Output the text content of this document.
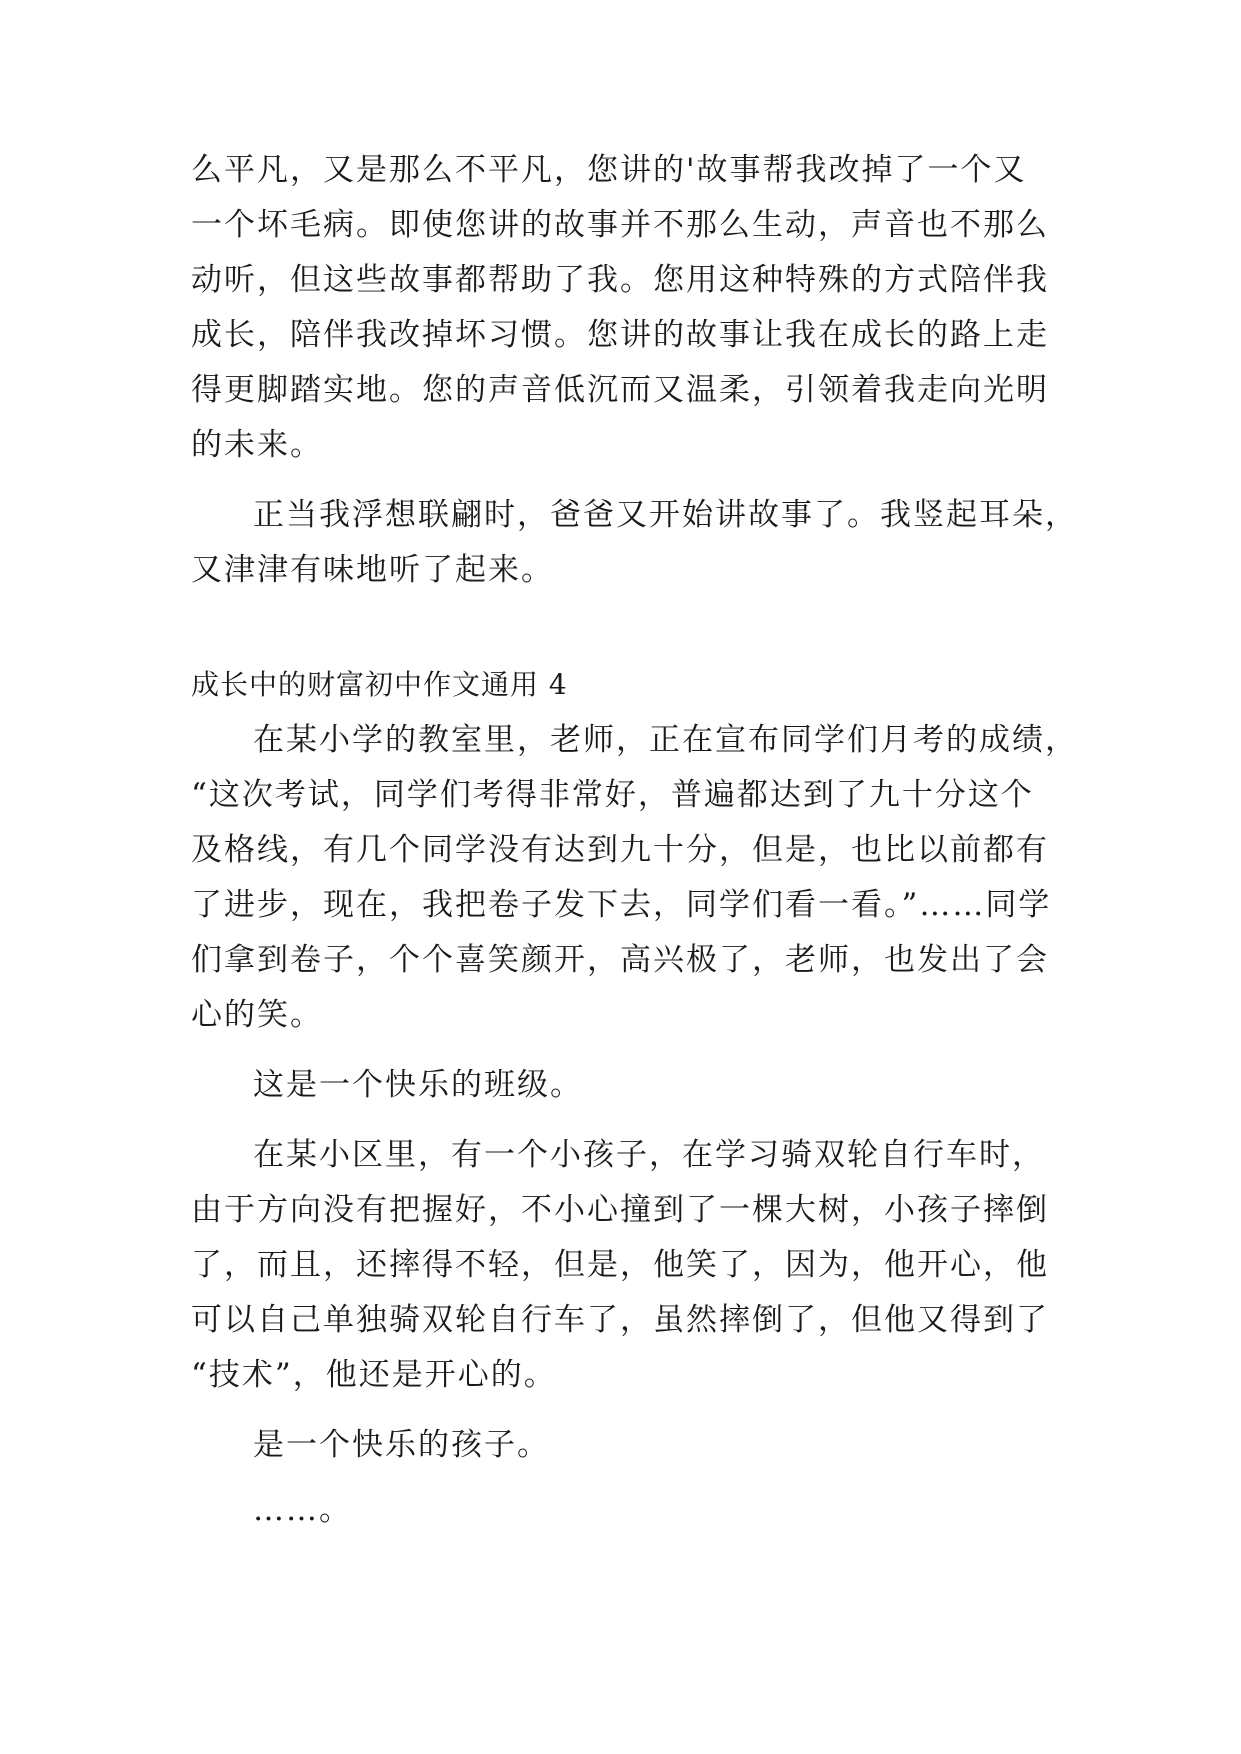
么平凡，又是那么不平凡，您讲的'故事帮我改掉了一个又
一个坏毛病。即使您讲的故事并不那么生动，声音也不那么
动听，但这些故事都帮助了我。您用这种特殊的方式陪伴我
成长，陪伴我改掉坏习惯。您讲的故事让我在成长的路上走
得更脚踏实地。您的声音低沉而又温柔，引领着我走向光明
的未来。
正当我浮想联翩时，爸爸又开始讲故事了。我竖起耳朵，
又津津有味地听了起来。
成长中的财富初中作文通用 4
在某小学的教室里，老师，正在宣布同学们月考的成绩，
“这次考试，同学们考得非常好，普遍都达到了九十分这个
及格线，有几个同学没有达到九十分，但是，也比以前都有
了进步，现在，我把卷子发下去，同学们看一看。”……同学
们拿到卷子，个个喜笑颜开，高兴极了，老师，也发出了会
心的笑。
这是一个快乐的班级。
在某小区里，有一个小孩子，在学习骑双轮自行车时，
由于方向没有把握好，不小心撞到了一棵大树，小孩子摔倒
了，而且，还摔得不轻，但是，他笑了，因为，他开心，他
可以自己单独骑双轮自行车了，虽然摔倒了，但他又得到了
“技术”，他还是开心的。
是一个快乐的孩子。
……。
